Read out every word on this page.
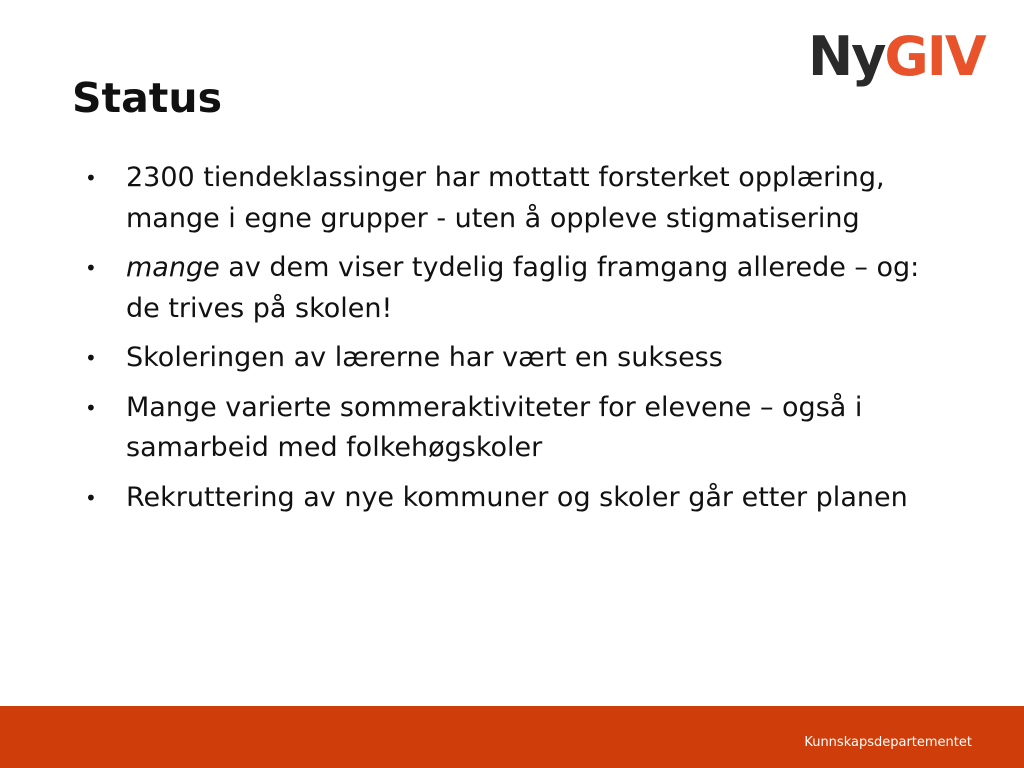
NyGIV
Status
• 2300 tiendeklassinger har mottatt forsterket opplæring, mange i egne grupper - uten å oppleve stigmatisering
• mange av dem viser tydelig faglig framgang allerede – og: de trives på skolen!
• Skoleringen av lærerne har vært en suksess
• Mange varierte sommeraktiviteter for elevene – også i samarbeid med folkehøgskoler
• Rekruttering av nye kommuner og skoler går etter planen
Kunnskapsdepartementet
